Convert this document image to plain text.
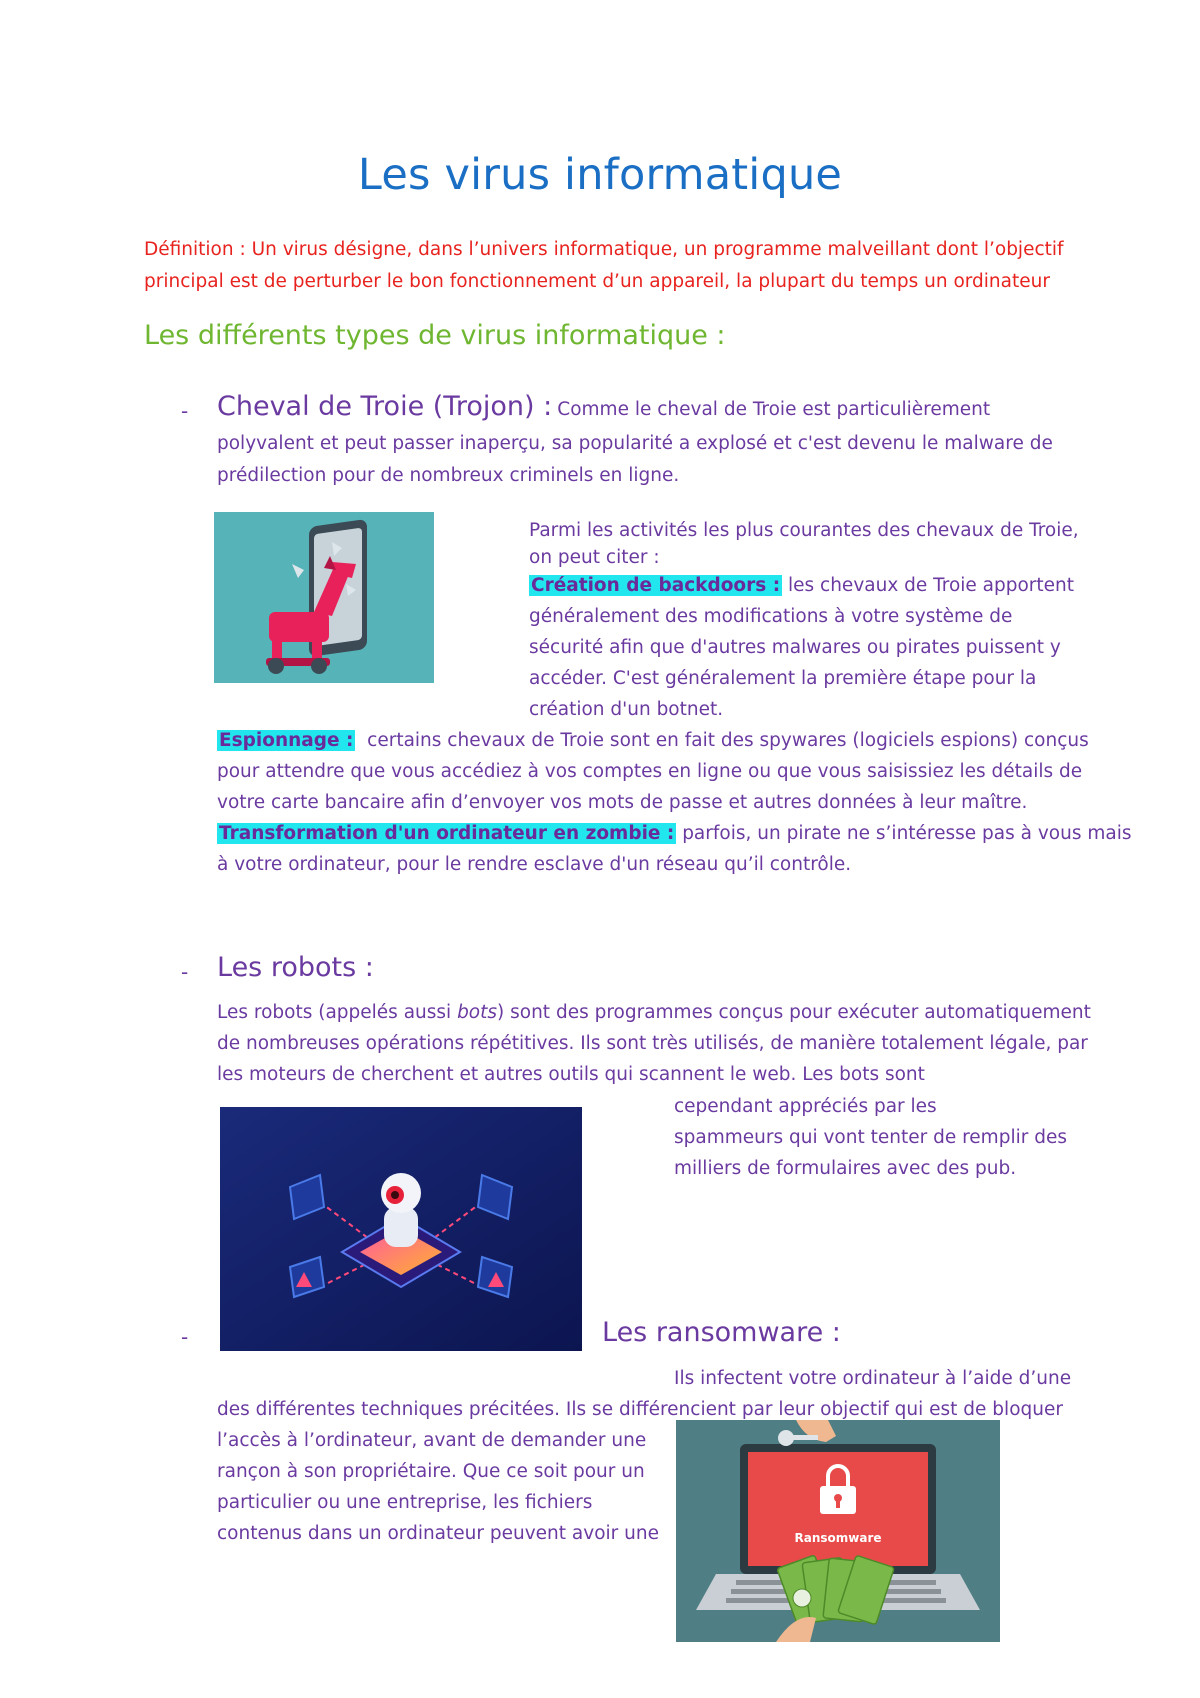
Les virus informatique
Définition : Un virus désigne, dans l’univers informatique, un programme malveillant dont l’objectif
principal est de perturber le bon fonctionnement d’un appareil, la plupart du temps un ordinateur
Les différents types de virus informatique :
- Cheval de Troie (Trojon) : Comme le cheval de Troie est particulièrement
polyvalent et peut passer inaperçu, sa popularité a explosé et c'est devenu le malware de
prédilection pour de nombreux criminels en ligne.
Parmi les activités les plus courantes des chevaux de Troie,
on peut citer :
Création de backdoors : les chevaux de Troie apportent
généralement des modifications à votre système de
sécurité afin que d'autres malwares ou pirates puissent y
accéder. C'est généralement la première étape pour la
création d'un botnet.
Espionnage : certains chevaux de Troie sont en fait des spywares (logiciels espions) conçus
pour attendre que vous accédiez à vos comptes en ligne ou que vous saisissiez les détails de
votre carte bancaire afin d’envoyer vos mots de passe et autres données à leur maître.
Transformation d'un ordinateur en zombie : parfois, un pirate ne s’intéresse pas à vous mais
à votre ordinateur, pour le rendre esclave d'un réseau qu’il contrôle.
- Les robots :
Les robots (appelés aussi bots) sont des programmes conçus pour exécuter automatiquement
de nombreuses opérations répétitives. Ils sont très utilisés, de manière totalement légale, par
les moteurs de cherchent et autres outils qui scannent le web. Les bots sont
cependant appréciés par les
spammeurs qui vont tenter de remplir des
milliers de formulaires avec des pub.
-	Les ransomware :
Ils infectent votre ordinateur à l’aide d’une
des différentes techniques précitées. Ils se différencient par leur objectif qui est de bloquer
l’accès à l’ordinateur, avant de demander une
rançon à son propriétaire. Que ce soit pour un
particulier ou une entreprise, les fichiers
contenus dans un ordinateur peuvent avoir une	Ransomware
